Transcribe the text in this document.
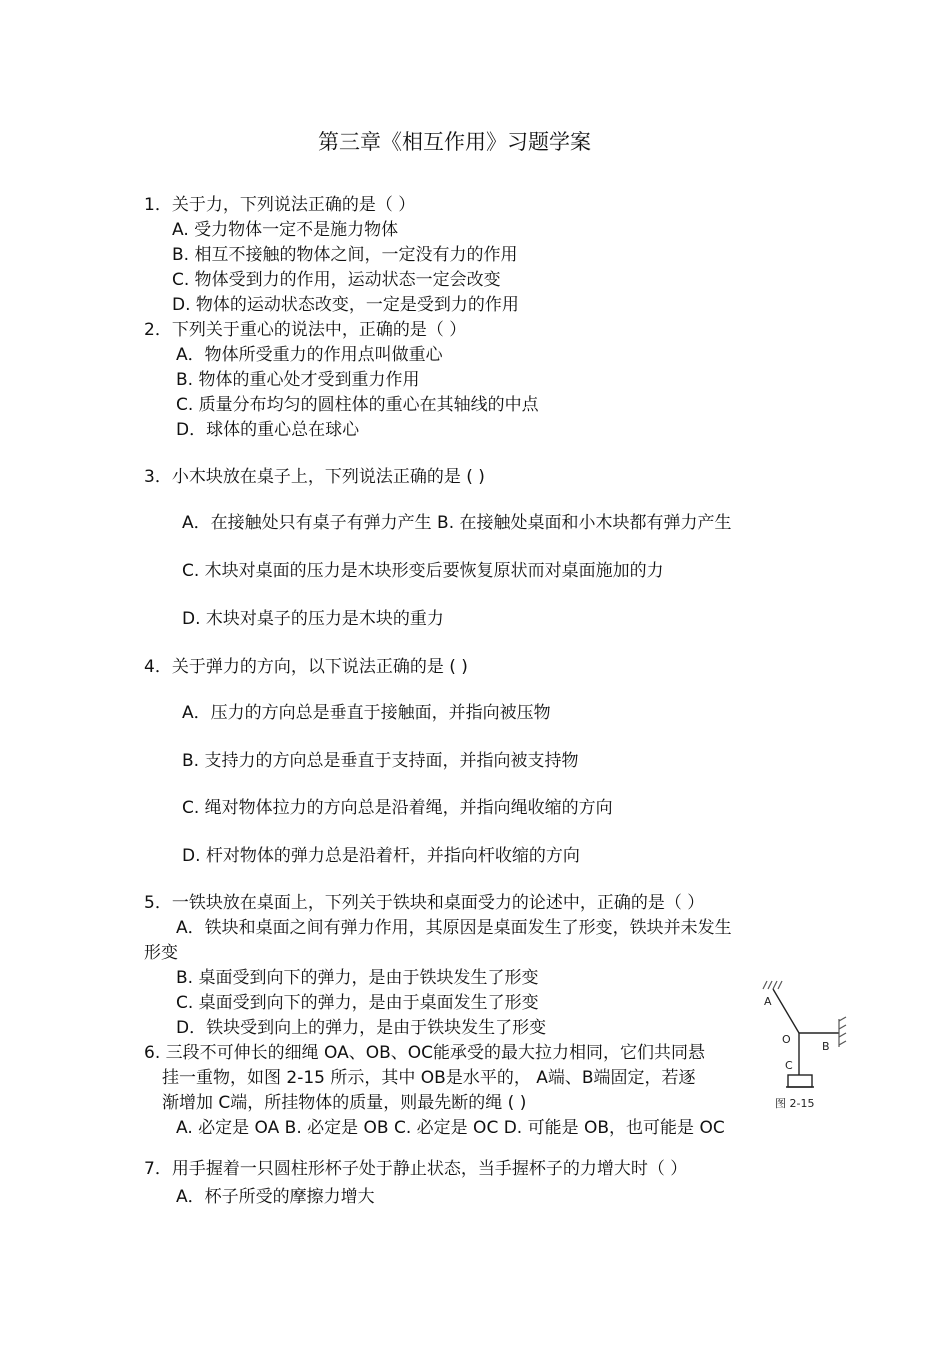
第三章《相互作用》习题学案
1．关于力，下列说法正确的是（ ）
A. 受力物体一定不是施力物体
B. 相互不接触的物体之间，一定没有力的作用
C. 物体受到力的作用，运动状态一定会改变
D. 物体的运动状态改变，一定是受到力的作用
2．下列关于重心的说法中，正确的是（ ）
A．物体所受重力的作用点叫做重心
B. 物体的重心处才受到重力作用
C. 质量分布均匀的圆柱体的重心在其轴线的中点
D．球体的重心总在球心
3．小木块放在桌子上，下列说法正确的是 ( )
A．在接触处只有桌子有弹力产生 B. 在接触处桌面和小木块都有弹力产生
C. 木块对桌面的压力是木块形变后要恢复原状而对桌面施加的力
D. 木块对桌子的压力是木块的重力
4．关于弹力的方向，以下说法正确的是 ( )
A．压力的方向总是垂直于接触面，并指向被压物
B. 支持力的方向总是垂直于支持面，并指向被支持物
C. 绳对物体拉力的方向总是沿着绳，并指向绳收缩的方向
D. 杆对物体的弹力总是沿着杆，并指向杆收缩的方向
5．一铁块放在桌面上，下列关于铁块和桌面受力的论述中，正确的是（ ）
A．铁块和桌面之间有弹力作用，其原因是桌面发生了形变，铁块并未发生
形变
B. 桌面受到向下的弹力，是由于铁块发生了形变
C. 桌面受到向下的弹力，是由于桌面发生了形变
D．铁块受到向上的弹力，是由于铁块发生了形变
6. 三段不可伸长的细绳 OA、OB、OC能承受的最大拉力相同，它们共同悬
挂一重物，如图 2-15 所示，其中 OB是水平的， A端、B端固定，若逐
渐增加 C端，所挂物体的质量，则最先断的绳 ( )
A. 必定是 OA B. 必定是 OB C. 必定是 OC D. 可能是 OB，也可能是 OC
7．用手握着一只圆柱形杯子处于静止状态，当手握杯子的力增大时（ ）
A．杯子所受的摩擦力增大
A
O
B
C
图 2-15
